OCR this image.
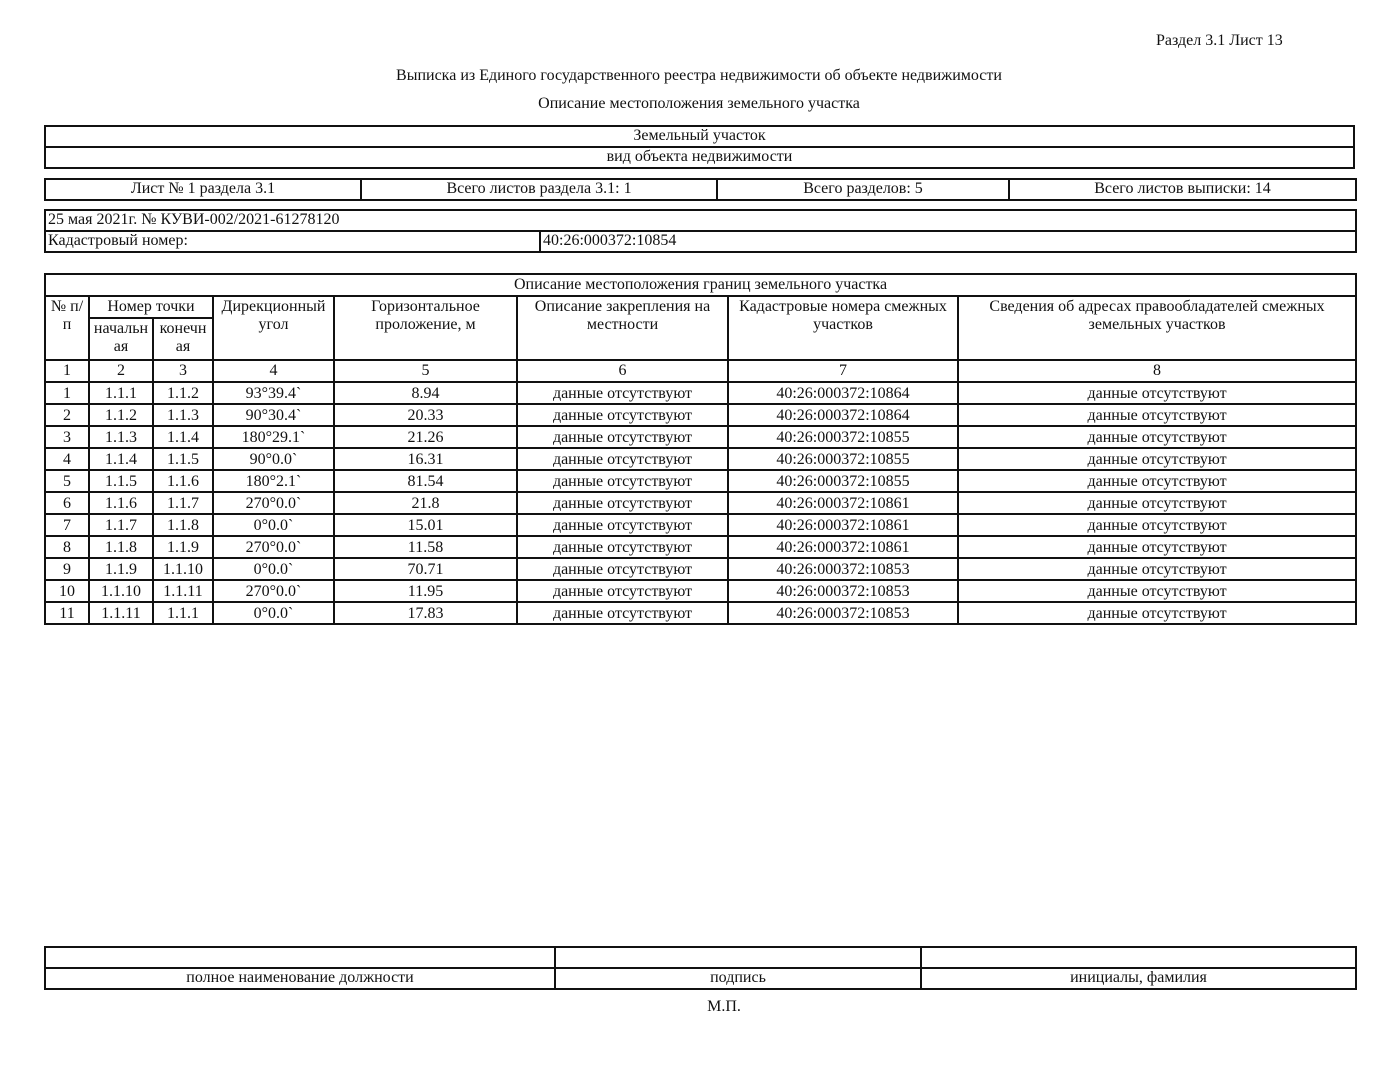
Раздел 3.1 Лист 13
Выписка из Единого государственного реестра недвижимости об объекте недвижимости
Описание местоположения земельного участка
Земельный участок
вид объекта недвижимости
Лист № 1 раздела 3.1	Всего листов раздела 3.1: 1	Всего разделов: 5	Всего листов выписки: 14
25 мая 2021г. № КУВИ-002/2021-61278120
Кадастровый номер:	40:26:000372:10854
Описание местоположения границ земельного участка							
№ п/п	Номер точки		Дирекционный угол	Горизонтальное проложение, м	Описание закрепления на местности	Кадастровые номера смежных участков	Сведения об адресах правообладателей смежных земельных участков
	начальн ая	конечн ая					
1	2	3	4	5	6	7	8
1	1.1.1	1.1.2	93°39.4`	8.94	данные отсутствуют	40:26:000372:10864	данные отсутствуют
2	1.1.2	1.1.3	90°30.4`	20.33	данные отсутствуют	40:26:000372:10864	данные отсутствуют
3	1.1.3	1.1.4	180°29.1`	21.26	данные отсутствуют	40:26:000372:10855	данные отсутствуют
4	1.1.4	1.1.5	90°0.0`	16.31	данные отсутствуют	40:26:000372:10855	данные отсутствуют
5	1.1.5	1.1.6	180°2.1`	81.54	данные отсутствуют	40:26:000372:10855	данные отсутствуют
6	1.1.6	1.1.7	270°0.0`	21.8	данные отсутствуют	40:26:000372:10861	данные отсутствуют
7	1.1.7	1.1.8	0°0.0`	15.01	данные отсутствуют	40:26:000372:10861	данные отсутствуют
8	1.1.8	1.1.9	270°0.0`	11.58	данные отсутствуют	40:26:000372:10861	данные отсутствуют
9	1.1.9	1.1.10	0°0.0`	70.71	данные отсутствуют	40:26:000372:10853	данные отсутствуют
10	1.1.10	1.1.11	270°0.0`	11.95	данные отсутствуют	40:26:000372:10853	данные отсутствуют
11	1.1.11	1.1.1	0°0.0`	17.83	данные отсутствуют	40:26:000372:10853	данные отсутствуют

полное наименование должности	подпись	инициалы, фамилия
М.П.
